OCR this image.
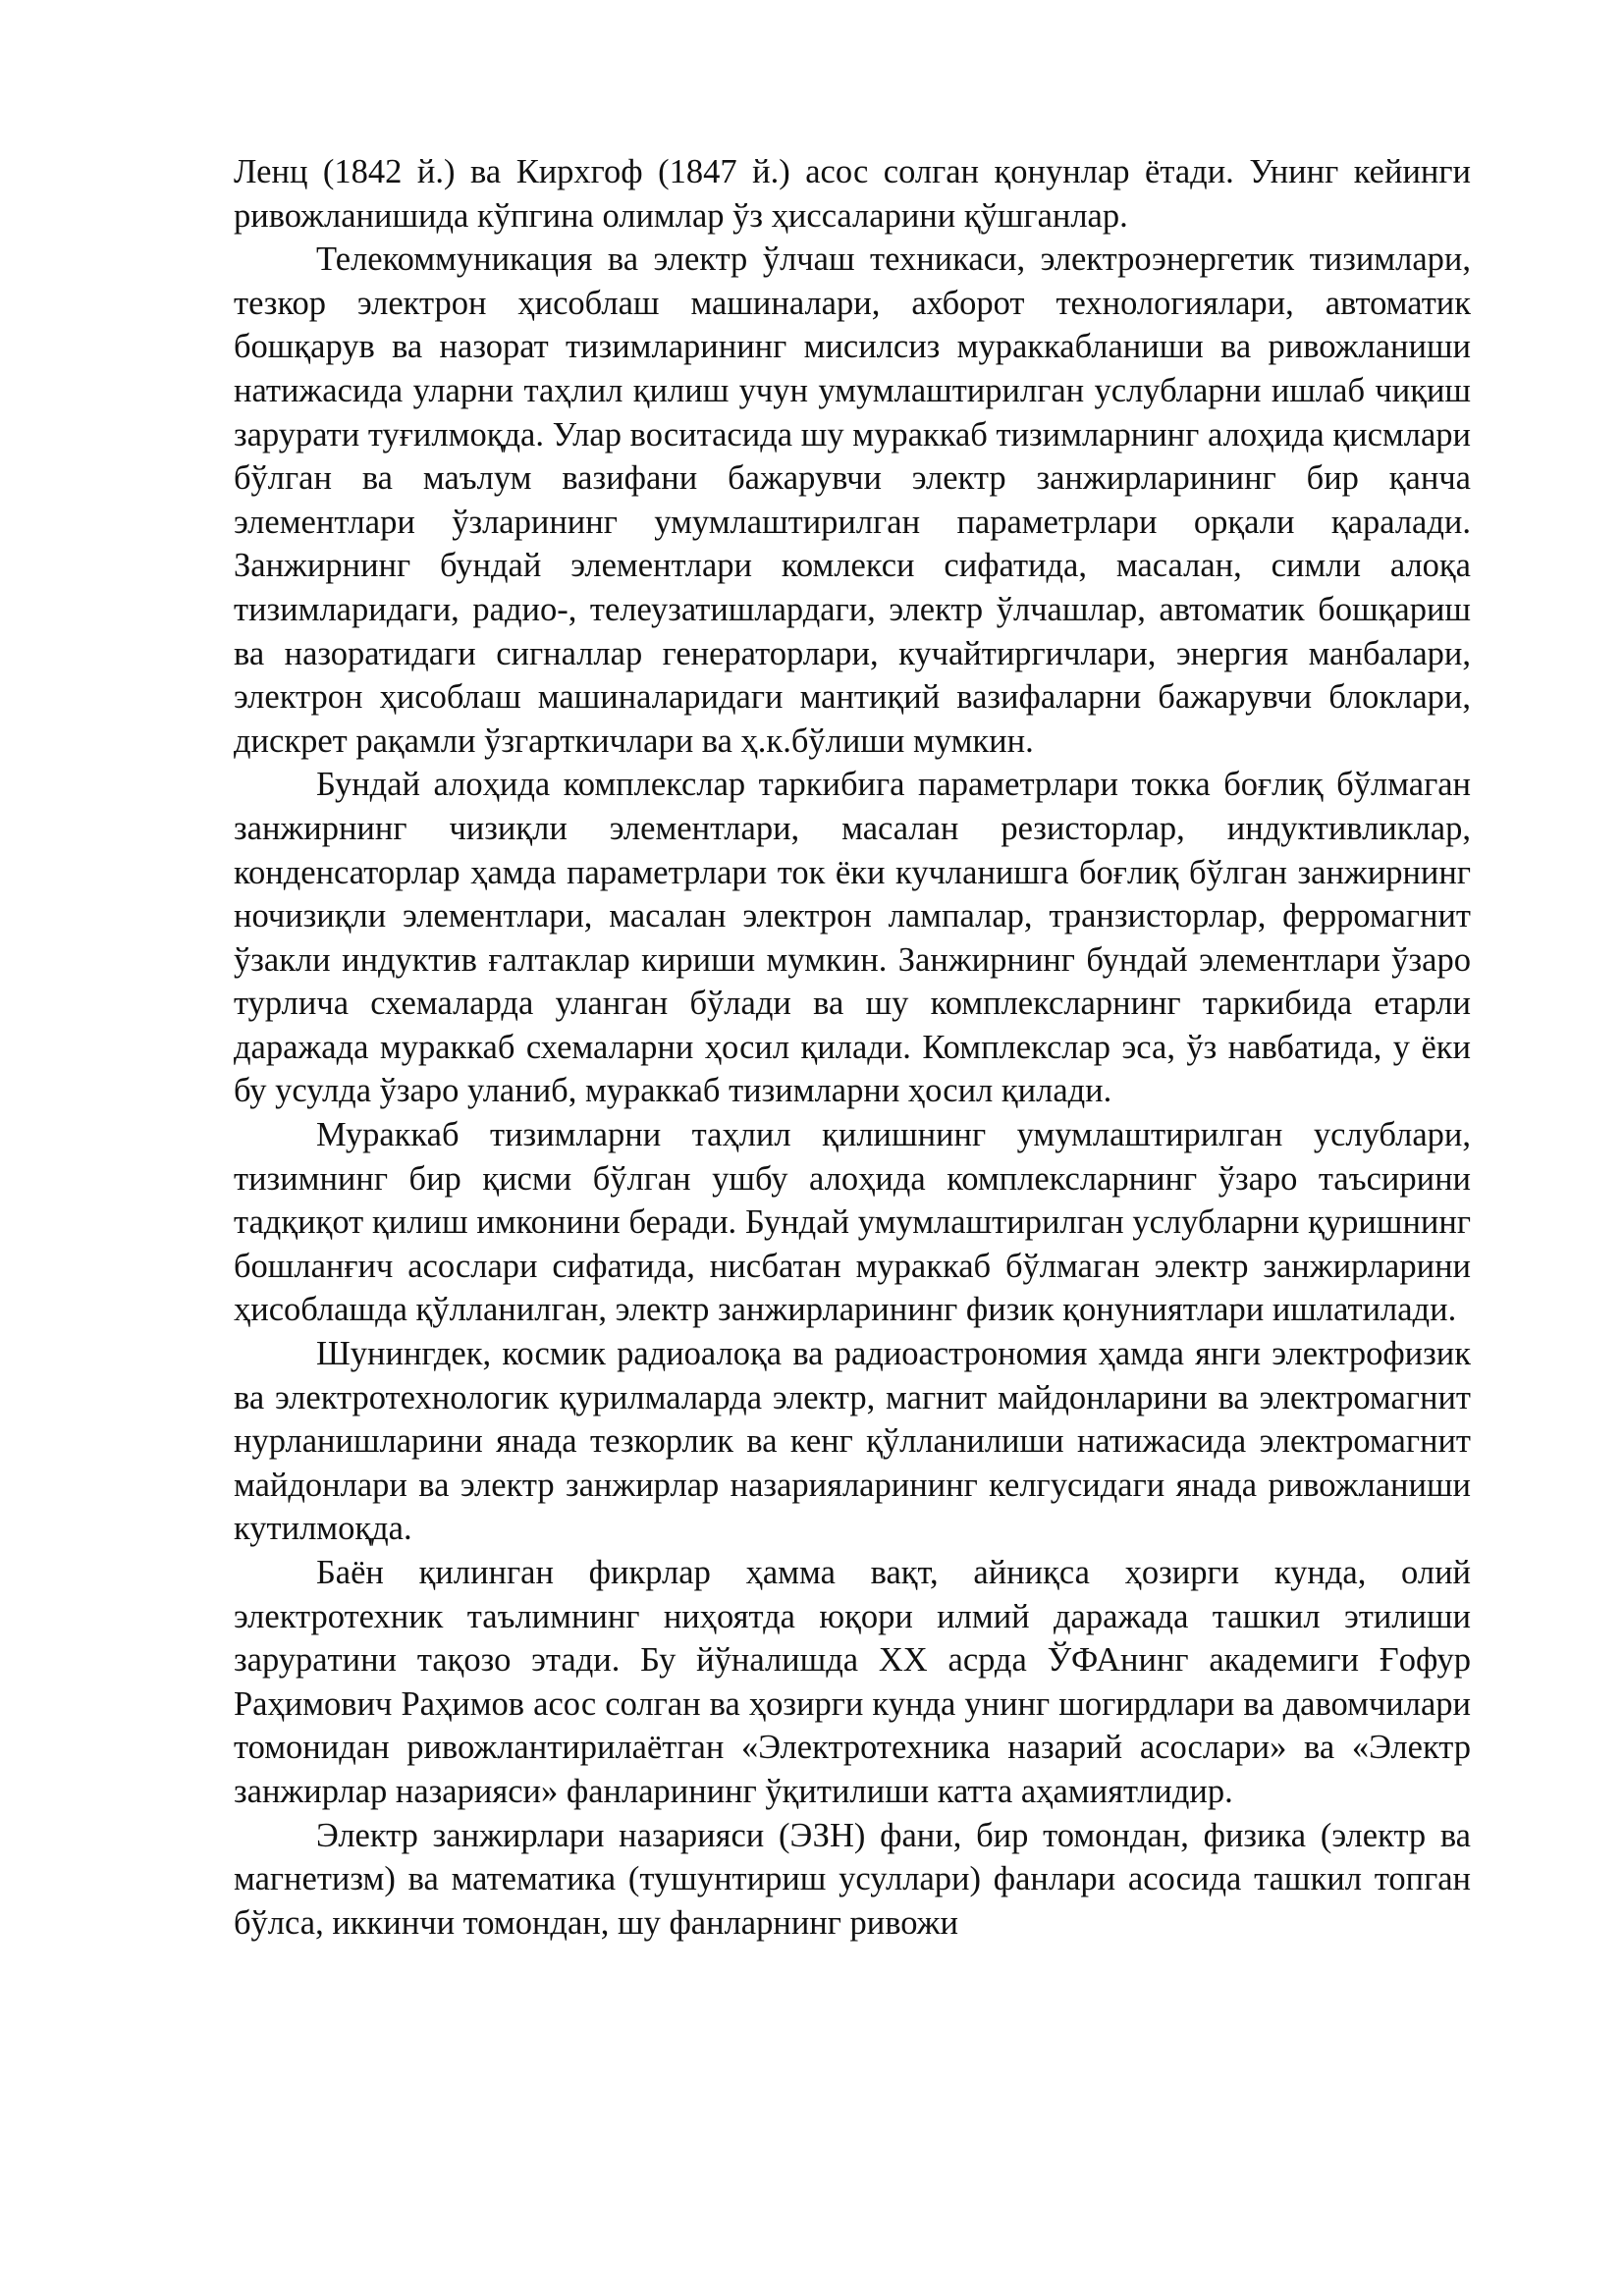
Ленц (1842 й.) ва Кирхгоф (1847 й.) асос солган қонунлар ётади. Унинг кейинги ривожланишида кўпгина олимлар ўз ҳиссаларини қўшганлар.

Телекоммуникация ва электр ўлчаш техникаси, электроэнергетик тизимлари, тезкор электрон ҳисоблаш машиналари, ахборот технологиялари, автоматик бошқарув ва назорат тизимларининг мисилсиз мураккабланиши ва ривожланиши натижасида уларни таҳлил қилиш учун умумлаштирилган услубларни ишлаб чиқиш зарурати туғилмоқда. Улар воситасида шу мураккаб тизимларнинг алоҳида қисмлари бўлган ва маълум вазифани бажарувчи электр занжирларининг бир қанча элементлари ўзларининг умумлаштирилган параметрлари орқали қаралади. Занжирнинг бундай элементлари комлекси сифатида, масалан, симли алоқа тизимларидаги, радио-, телеузатишлардаги, электр ўлчашлар, автоматик бошқариш ва назоратидаги сигналлар генераторлари, кучайтиргичлари, энергия манбалари, электрон ҳисоблаш машиналаридаги мантиқий вазифаларни бажарувчи блоклари, дискрет рақамли ўзгарткичлари ва ҳ.к.бўлиши мумкин.

Бундай алоҳида комплекслар таркибига параметрлари токка боғлиқ бўлмаган занжирнинг чизиқли элементлари, масалан резисторлар, индуктивликлар, конденсаторлар ҳамда параметрлари ток ёки кучланишга боғлиқ бўлган занжирнинг ночизиқли элементлари, масалан электрон лампалар, транзисторлар, ферромагнит ўзакли индуктив ғалтаклар кириши мумкин. Занжирнинг бундай элементлари ўзаро турлича схемаларда уланган бўлади ва шу комплексларнинг таркибида етарли даражада мураккаб схемаларни ҳосил қилади. Комплекслар эса, ўз навбатида, у ёки бу усулда ўзаро уланиб, мураккаб тизимларни ҳосил қилади.

Мураккаб тизимларни таҳлил қилишнинг умумлаштирилган услублари, тизимнинг бир қисми бўлган ушбу алоҳида комплексларнинг ўзаро таъсирини тадқиқот қилиш имконини беради. Бундай умумлаштирилган услубларни қуришнинг бошланғич асослари сифатида, нисбатан мураккаб бўлмаган электр занжирларини ҳисоблашда қўлланилган, электр занжирларининг физик қонуниятлари ишлатилади.

Шунингдек, космик радиоалоқа ва радиоастрономия ҳамда янги электрофизик ва электротехнологик қурилмаларда электр, магнит майдонларини ва электромагнит нурланишларини янада тезкорлик ва кенг қўлланилиши натижасида электромагнит майдонлари ва электр занжирлар назарияларининг келгусидаги янада ривожланиши кутилмоқда.

Баён қилинган фикрлар ҳамма вақт, айниқса ҳозирги кунда, олий электротехник таълимнинг ниҳоятда юқори илмий даражада ташкил этилиши зарурaтини тақозо этади. Бу йўналишда XX асрда ЎФАнинг академиги Ғофур Раҳимович Раҳимов асос солган ва ҳозирги кунда унинг шогирдлари ва давомчилари томонидан ривожлантирилаётган «Электротехника назарий асослари» ва «Электр занжирлар назарияси» фанларининг ўқитилиши катта аҳамиятлидир.

Электр занжирлари назарияси (ЭЗН) фани, бир томондан, физика (электр ва магнетизм) ва математика (тушунтириш усуллари) фанлари асосида ташкил топган бўлса, иккинчи томондан, шу фанларнинг ривожи
